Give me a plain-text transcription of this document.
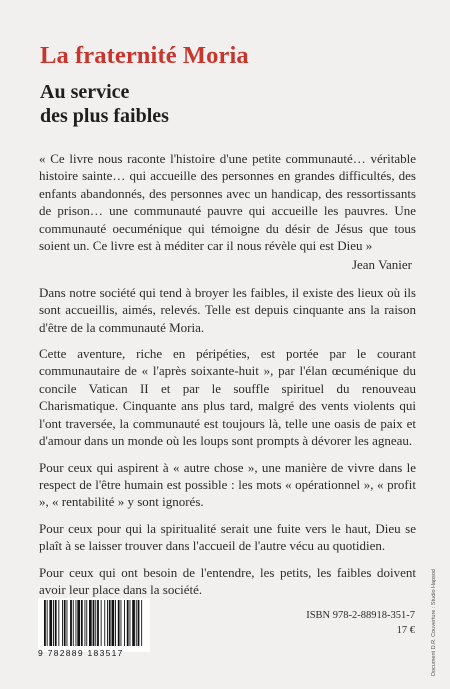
La fraternité Moria
Au service
des plus faibles

« Ce livre nous raconte l'histoire d'une petite communauté… véritable histoire sainte… qui accueille des personnes en grandes difficultés, des enfants abandonnés, des personnes avec un handicap, des ressortissants de prison… une communauté pauvre qui accueille les pauvres. Une communauté oecuménique qui témoigne du désir de Jésus que tous soient un. Ce livre est à méditer car il nous révèle qui est Dieu »

Jean Vanier

Dans notre société qui tend à broyer les faibles, il existe des lieux où ils sont accueillis, aimés, relevés. Telle est depuis cinquante ans la raison d'être de la communauté Moria.

Cette aventure, riche en péripéties, est portée par le courant communautaire de « l'après soixante-huit », par l'élan œcuménique du concile Vatican II et par le souffle spirituel du renouveau Charismatique. Cinquante ans plus tard, malgré des vents violents qui l'ont traversée, la communauté est toujours là, telle une oasis de paix et d'amour dans un monde où les loups sont prompts à dévorer les agneau.

Pour ceux qui aspirent à « autre chose », une manière de vivre dans le respect de l'être humain est possible : les mots « opérationnel », « profit », « rentabilité » y sont ignorés.

Pour ceux pour qui la spiritualité serait une fuite vers le haut, Dieu se plaît à se laisser trouver dans l'accueil de l'autre vécu au quotidien.

Pour ceux qui ont besoin de l'entendre, les petits, les faibles doivent avoir leur place dans la société.

9 782889 183517
ISBN 978-2-88918-351-7
17 €	Document D.R. Couverture : Studio Hapsod
